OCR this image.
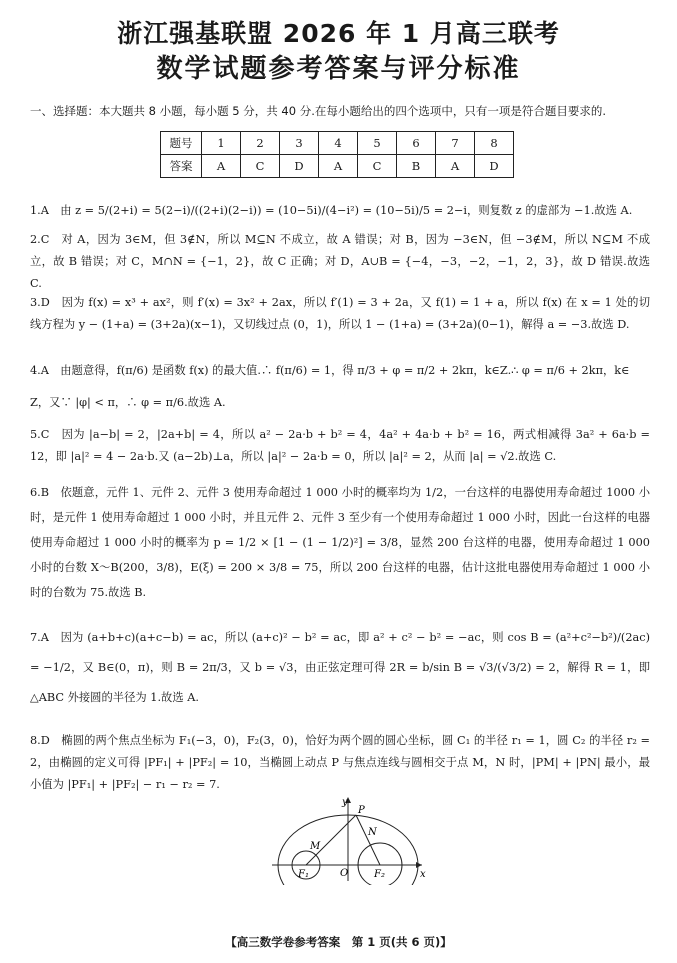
浙江强基联盟 2026 年 1 月高三联考
数学试题参考答案与评分标准
一、选择题：本大题共 8 小题，每小题 5 分，共 40 分.在每小题给出的四个选项中，只有一项是符合题目要求的.
题号	1	2	3	4	5	6	7	8
答案	A	C	D	A	C	B	A	D

1.A　由 z = 5/(2+i) = 5(2−i)/((2+i)(2−i)) = (10−5i)/(4−i²) = (10−5i)/5 = 2−i，则复数 z 的虚部为 −1.故选 A.

2.C　对 A，因为 3∈M，但 3∉N，所以 M⊆N 不成立，故 A 错误；对 B，因为 −3∈N，但 −3∉M，所以 N⊆M 不成立，故 B 错误；对 C，M∩N = {−1，2}，故 C 正确；对 D，A∪B = {−4，−3，−2，−1，2，3}，故 D 错误.故选 C.

3.D　因为 f(x) = x³ + ax²，则 f′(x) = 3x² + 2ax，所以 f′(1) = 3 + 2a，又 f(1) = 1 + a，所以 f(x) 在 x = 1 处的切线方程为 y − (1+a) = (3+2a)(x−1)，又切线过点 (0，1)，所以 1 − (1+a) = (3+2a)(0−1)，解得 a = −3.故选 D.

4.A　由题意得，f(π/6) 是函数 f(x) 的最大值.∴ f(π/6) = 1，得 π/3 + φ = π/2 + 2kπ，k∈Z.∴ φ = π/6 + 2kπ，k∈

Z，又∵ |φ| < π，∴ φ = π/6.故选 A.

5.C　因为 |a−b| = 2，|2a+b| = 4，所以 a² − 2a·b + b² = 4，4a² + 4a·b + b² = 16，两式相减得 3a² + 6a·b = 12，即 |a|² = 4 − 2a·b.又 (a−2b)⊥a，所以 |a|² − 2a·b = 0，所以 |a|² = 2，从而 |a| = √2.故选 C.

6.B　依题意，元件 1、元件 2、元件 3 使用寿命超过 1 000 小时的概率均为 1/2，一台这样的电器使用寿命超过 1000 小时，是元件 1 使用寿命超过 1 000 小时，并且元件 2、元件 3 至少有一个使用寿命超过 1 000 小时，因此一台这样的电器使用寿命超过 1 000 小时的概率为 p = 1/2 × [1 − (1 − 1/2)²] = 3/8，显然 200 台这样的电器，使用寿命超过 1 000 小时的台数 X～B(200，3/8)，E(ξ) = 200 × 3/8 = 75，所以 200 台这样的电器，估计这批电器使用寿命超过 1 000 小时的台数为 75.故选 B.

7.A　因为 (a+b+c)(a+c−b) = ac，所以 (a+c)² − b² = ac，即 a² + c² − b² = −ac，则 cos B = (a²+c²−b²)/(2ac) = −1/2，又 B∈(0，π)，则 B = 2π/3，又 b = √3，由正弦定理可得 2R = b/sin B = √3/(√3/2) = 2，解得 R = 1，即△ABC 外接圆的半径为 1.故选 A.

8.D　椭圆的两个焦点坐标为 F₁(−3，0)，F₂(3，0)，恰好为两个圆的圆心坐标，圆 C₁ 的半径 r₁ = 1，圆 C₂ 的半径 r₂ = 2，由椭圆的定义可得 |PF₁| + |PF₂| = 10，当椭圆上动点 P 与焦点连线与圆相交于点 M，N 时，|PM| + |PN| 最小，最小值为 |PF₁| + |PF₂| − r₁ − r₂ = 7.

y
x
P
M
N
O
F₁	F₂
【高三数学卷参考答案　第 1 页(共 6 页)】
